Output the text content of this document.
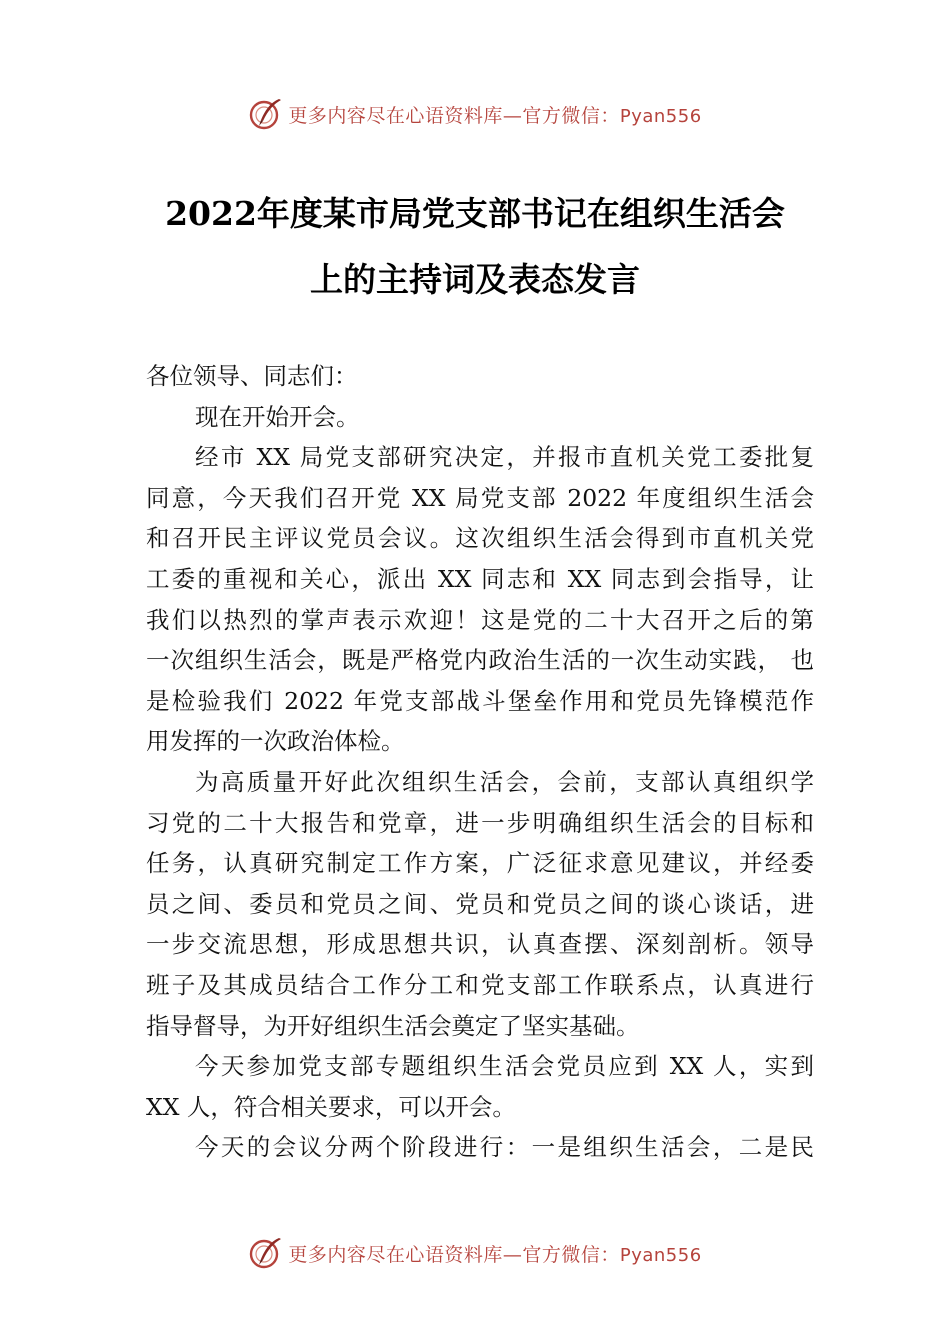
更多内容尽在心语资料库—官方微信：Pyan556
2022年度某市局党支部书记在组织生活会
上的主持词及表态发言
各位领导、同志们：
现在开始开会。
经市 XX 局党支部研究决定，并报市直机关党工委批复
同意，今天我们召开党 XX 局党支部 2022 年度组织生活会
和召开民主评议党员会议。这次组织生活会得到市直机关党
工委的重视和关心，派出 XX 同志和 XX 同志到会指导，让
我们以热烈的掌声表示欢迎！这是党的二十大召开之后的第
一次组织生活会，既是严格党内政治生活的一次生动实践， 也
是检验我们 2022 年党支部战斗堡垒作用和党员先锋模范作
用发挥的一次政治体检。
为高质量开好此次组织生活会，会前，支部认真组织学
习党的二十大报告和党章，进一步明确组织生活会的目标和
任务，认真研究制定工作方案，广泛征求意见建议，并经委
员之间、委员和党员之间、党员和党员之间的谈心谈话，进
一步交流思想，形成思想共识，认真查摆、深刻剖析。领导
班子及其成员结合工作分工和党支部工作联系点，认真进行
指导督导，为开好组织生活会奠定了坚实基础。
今天参加党支部专题组织生活会党员应到 XX 人，实到
XX 人，符合相关要求，可以开会。
今天的会议分两个阶段进行：一是组织生活会，二是民
更多内容尽在心语资料库—官方微信：Pyan556
